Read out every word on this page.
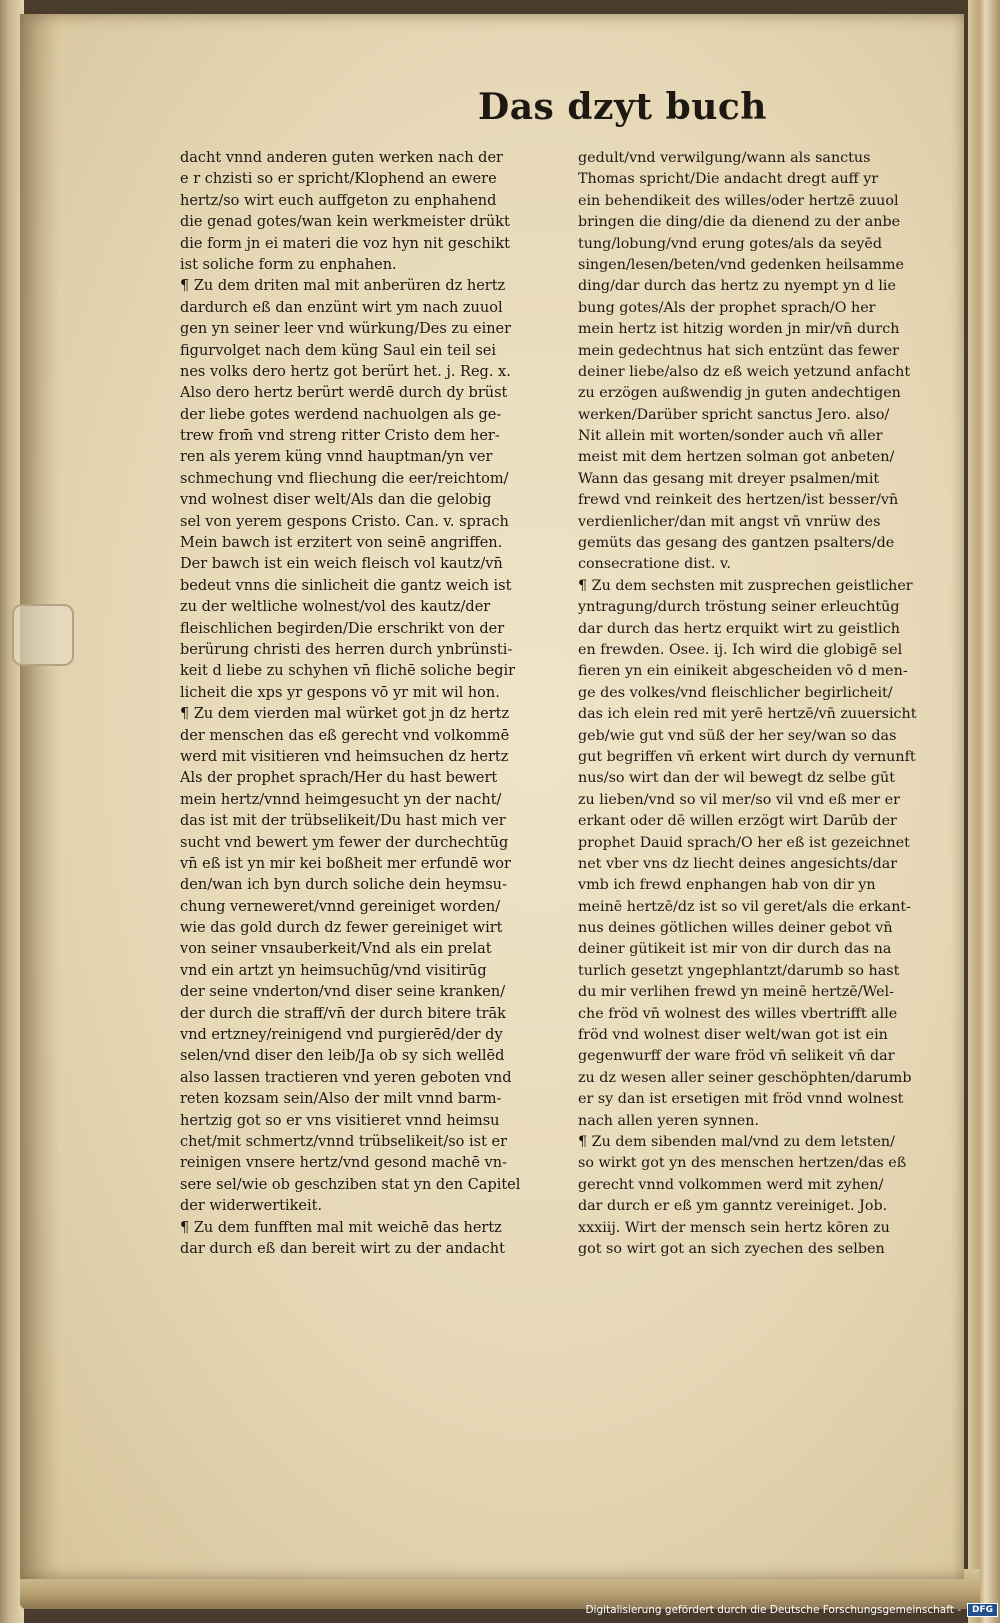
Das dzyt buch
dacht vnnd anderen guten werken nach der
e r chzisti so er spricht/Klophend an ewere
hertz/so wirt euch auffgeton zu enphahend
die genad gotes/wan kein werkmeister drükt
die form jn ei materi die voz hyn nit geschikt
ist soliche form zu enphahen.
¶ Zu dem driten mal mit anberüren dz hertz
dardurch eß dan enzünt wirt ym nach zuuol
gen yn seiner leer vnd würkung/Des zu einer
figurvolget nach dem küng Saul ein teil sei
nes volks dero hertz got berürt het. j. Reg. x.
Also dero hertz berürt werdē durch dy brüst
der liebe gotes werdend nachuolgen als ge-
trew from̄ vnd streng ritter Cristo dem her-
ren als yerem küng vnnd hauptman/yn ver
schmechung vnd fliechung die eer/reichtom/
vnd wolnest diser welt/Als dan die gelobig
sel von yerem gespons Cristo. Can. v. sprach
Mein bawch ist erzitert von seinē angriffen.
Der bawch ist ein weich fleisch vol kautz/vn̄
bedeut vnns die sinlicheit die gantz weich ist
zu der weltliche wolnest/vol des kautz/der
fleischlichen begirden/Die erschrikt von der
berürung christi des herren durch ynbrünsti-
keit d liebe zu schyhen vn̄ flichē soliche begir
licheit die xps yr gespons vō yr mit wil hon.
¶ Zu dem vierden mal würket got jn dz hertz
der menschen das eß gerecht vnd volkommē
werd mit visitieren vnd heimsuchen dz hertz
Als der prophet sprach/Her du hast bewert
mein hertz/vnnd heimgesucht yn der nacht/
das ist mit der trübselikeit/Du hast mich ver
sucht vnd bewert ym fewer der durchechtūg
vn̄ eß ist yn mir kei boßheit mer erfundē wor
den/wan ich byn durch soliche dein heymsu-
chung verneweret/vnnd gereiniget worden/
wie das gold durch dz fewer gereiniget wirt
von seiner vnsauberkeit/Vnd als ein prelat
vnd ein artzt yn heimsuchūg/vnd visitirūg
der seine vnderton/vnd diser seine kranken/
der durch die straff/vn̄ der durch bitere trāk
vnd ertzney/reinigend vnd purgierēd/der dy
selen/vnd diser den leib/Ja ob sy sich wellēd
also lassen tractieren vnd yeren geboten vnd
reten kozsam sein/Also der milt vnnd barm-
hertzig got so er vns visitieret vnnd heimsu
chet/mit schmertz/vnnd trübselikeit/so ist er
reinigen vnsere hertz/vnd gesond machē vn-
sere sel/wie ob geschziben stat yn den Capitel
der widerwertikeit.
¶ Zu dem funfften mal mit weichē das hertz
dar durch eß dan bereit wirt zu der andacht
gedult/vnd verwilgung/wann als sanctus
Thomas spricht/Die andacht dregt auff yr
ein behendikeit des willes/oder hertzē zuuol
bringen die ding/die da dienend zu der anbe
tung/lobung/vnd erung gotes/als da seyēd
singen/lesen/beten/vnd gedenken heilsamme
ding/dar durch das hertz zu nyempt yn d lie
bung gotes/Als der prophet sprach/O her
mein hertz ist hitzig worden jn mir/vn̄ durch
mein gedechtnus hat sich entzünt das fewer
deiner liebe/also dz eß weich yetzund anfacht
zu erzögen außwendig jn guten andechtigen
werken/Darüber spricht sanctus Jero. also/
Nit allein mit worten/sonder auch vn̄ aller
meist mit dem hertzen solman got anbeten/
Wann das gesang mit dreyer psalmen/mit
frewd vnd reinkeit des hertzen/ist besser/vn̄
verdienlicher/dan mit angst vn̄ vnrüw des
gemüts das gesang des gantzen psalters/de
consecratione dist. v.
¶ Zu dem sechsten mit zusprechen geistlicher
yntragung/durch tröstung seiner erleuchtūg
dar durch das hertz erquikt wirt zu geistlich
en frewden. Osee. ij. Ich wird die globigē sel
fieren yn ein einikeit abgescheiden vō d men-
ge des volkes/vnd fleischlicher begirlicheit/
das ich elein red mit yerē hertzē/vn̄ zuuersicht
geb/wie gut vnd süß der her sey/wan so das
gut begriffen vn̄ erkent wirt durch dy vernunft
nus/so wirt dan der wil bewegt dz selbe gūt
zu lieben/vnd so vil mer/so vil vnd eß mer er
erkant oder dē willen erzögt wirt Darūb der
prophet Dauid sprach/O her eß ist gezeichnet
net vber vns dz liecht deines angesichts/dar
vmb ich frewd enphangen hab von dir yn
meinē hertzē/dz ist so vil geret/als die erkant-
nus deines götlichen willes deiner gebot vn̄
deiner gütikeit ist mir von dir durch das na
turlich gesetzt yngephlantzt/darumb so hast
du mir verlihen frewd yn meinē hertzē/Wel-
che fröd vn̄ wolnest des willes vbertrifft alle
fröd vnd wolnest diser welt/wan got ist ein
gegenwurff der ware fröd vn̄ selikeit vn̄ dar
zu dz wesen aller seiner geschöphten/darumb
er sy dan ist ersetigen mit fröd vnnd wolnest
nach allen yeren synnen.
¶ Zu dem sibenden mal/vnd zu dem letsten/
so wirkt got yn des menschen hertzen/das eß
gerecht vnnd volkommen werd mit zyhen/
dar durch er eß ym ganntz vereiniget. Job.
xxxiij. Wirt der mensch sein hertz kōren zu
got so wirt got an sich zyechen des selben
Digitalisierung gefördert durch die Deutsche Forschungsgemeinschaft -	DFG
